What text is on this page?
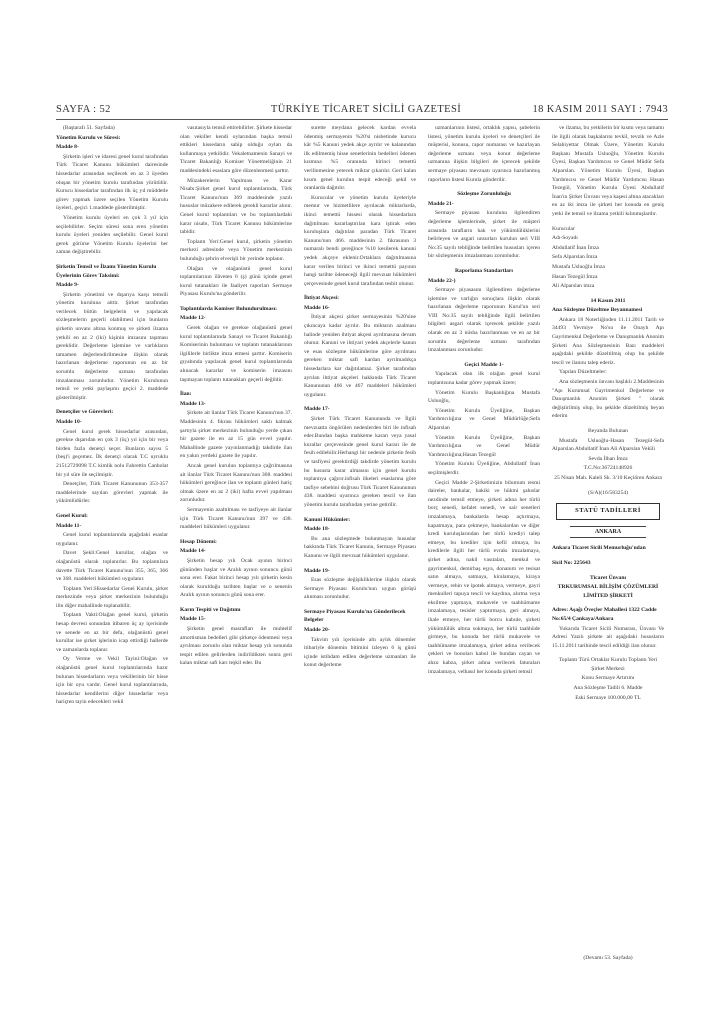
SAYFA : 52	TÜRKİYE TİCARET SİCİLİ GAZETESİ	18 KASIM 2011 SAYI : 7943

(Baştarafı 51. Sayfada)

Yönetim Kurulu ve Süresi:

Madde 8-

Şirketin işleri ve idaresi genel kurul tarafından Türk Ticaret Kanunu hükümleri dairesinde hissedarlar arasından seçilecek en az 3 üyeden oluşan bir yönetim kurulu tarafından yürütülür. Kurucu hissedarlar tarafından ilk üç yıl müddetle görev yapmak üzere seçilen Yönetim Kurulu üyeleri, geçici 1.maddede gösterilmiştir.

Yönetim kurulu üyeleri en çok 3 yıl için seçilebilirler. Seçim süresi sona eren yönetim kurulu üyeleri yeniden seçilebilir. Genel kurul gerek görürse Yönetim Kurulu üyelerini her zaman değiştirebilir.

Şirketin Temsil ve İlzamı Yönetim Kurulu Üyelerinin Görev Taksimi:

Madde 9-

Şirketin yönetimi ve dışarıya karşı temsili yönetim kuruluna aittir. Şirket tarafından verilecek bütün belgelerin ve yapılacak sözleşmelerin geçerli olabilmesi için bunların şirketin unvanı altına konmuş ve şirketi ilzama yetkili en az 2 (iki) kişinin imzasını taşıması gereklidir. Değerleme işlemine ve varlıkların tamamen değerlendirilmesine ilişkin olarak hazırlanan değerleme raporunun en az bir sorumlu değerleme uzmanı tarafından imzalanması zorunludur. Yönetim Kurulunun temsil ve yetki paylaşımı geçici 2. maddede gösterilmiştir.

Denetçiler ve Görevleri:

Madde 10-

Genel kurul gerek hissedarlar arasından, gerekse dışarıdan en çok 3 (üç) yıl için bir veya birden fazla denetçi seçer. Bunların sayısı 5 (beş)'i geçemez. İlk denetçi olarak T.C uyruklu 21512729098 T.C kimlik nolu Fahrettin Canbolat bir yıl süre ile seçilmiştir.

Denetçiler, Türk Ticaret Kanununun 353-357 maddelerinde sayılan görevleri yapmak ile yükümlüdürler.

Genel Kurul:

Madde 11-

Genel kurul toplantılarında aşağıdaki esaslar uygulanır.

Davet Şekli:Genel kurullar, olağan ve olağanüstü olarak toplanırlar. Bu toplantılara davette Türk Ticaret Kanunu'nun 355, 365, 366 ve 368. maddeleri hükümleri uygulanır.

Toplantı Yeri:Hissedarlar Genel Kurulu, şirket merkezinde veya şirket merkezinin bulunduğu ilin diğer mahallinde toplanabilir.

Toplantı Vakti:Olağan genel kurul, şirketin hesap devresi sonundan itibaren üç ay içerisinde ve senede en az bir defa, olağanüstü genel kurullar ise şirket işlerinin icap ettirdiği hallerde ve zamanlarda toplanır.

Oy Verme ve Vekil Tayini:Olağan ve olağanüstü genel kurul toplantılarında hazır bulunan hissedarların veya vekillerinin bir hisse için bir oyu vardır. Genel kurul toplantılarında, hissedarlar kendilerini diğer hissedarlar veya hariçten tayin edecekleri vekil

vasıtasıyla temsil ettirebilirler. Şirkete hissedar olan vekiller kendi oylarından başka temsil ettikleri hissedarın sahip olduğu oyları da kullanmaya yetkilidir. Vekaletnamenin Sanayi ve Ticaret Bakanlığı Komiser Yönetmeliğinin 21 maddesindeki esaslara göre düzenlenmesi şarttır.

Müzakerelerin Yapılması ve Karar Nisabı:Şirket genel kurul toplantılarında, Türk Ticaret Kanunu'nun 369 maddesinde yazılı hususlar müzakere edilerek gerekli kararlar alınır. Genel kurul toplantıları ve bu toplantılardaki karar nisabı, Türk Ticaret Kanunu hükümlerine tabidir.

Toplantı Yeri:Genel kurul, şirketin yönetim merkezi adresinde veya Yönetim merkezinin bulunduğu şehrin elverişli bir yerinde toplanır.

Olağan ve olağanüstü genel kurul toplantılarının ilâveten 6 (ş) günü içinde genel kurul tutanakları ile faaliyet raporları Sermaye Piyasası Kurulu'na gönderilir.

Toplantılarda Komiser Bulundurulması:

Madde 12-

Gerek olağan ve gerekse olağanüstü genel kurul toplantılarında Sanayi ve Ticaret Bakanlığı Komiserinin bulunması ve toplantı tutanaklarının ilgililerle birlikte imza etmesi şarttır. Komiserin gıyabında yapılacak genel kurul toplantılarında alınacak kararlar ve komiserin imzasını taşımayan toplantı tutanakları geçerli değildir.

İlan:

Madde 13-

Şirkete ait ilanlar Türk Ticaret Kanunu'nun 37. Maddesinin 4. fıkrası hükümleri saklı kalmak şartıyla şirket merkezinin bulunduğu yerde çıkan bir gazete ile en az 15 gün evvel yapılır. Mahallinde gazete yayınlanmadığı takdirde ilan en yakın yerdeki gazete ile yapılır.

Ancak genel kurulun toplantıya çağrılmasına ait ilanlar Türk Ticaret Kanunu'nun 368. maddesi hükümleri gereğince ilan ve toplantı günleri hariç olmak üzere en az 2 (iki) hafta evvel yapılması zorunludur.

Sermayenin azaltılması ve tasfiyeye ait ilanlar için Türk Ticaret Kanunu'nun 397 ve 438. maddeleri hükümleri uygulanır.

Hesap Dönemi:

Madde 14-

Şirketin hesap yılı Ocak ayının birinci gününden başlar ve Aralık ayının sonuncu günü sona erer. Fakat birinci hesap yılı şirketin kesin olarak kurulduğu tarihten başlar ve o senenin Aralık ayının sonuncu günü sona erer.

Karın Tespiti ve Dağıtımı

Madde 15-

Şirketin genel masrafları ile muhtelif amortisman bedelleri gibi şirketçe ödenmesi veya ayrılması zorunlu olan miktar hesap yılı sonunda tespit edilen gelirlerden indirildikten sonra geri kalan miktar safi karı teşkil eder. Bu

surette meydana gelecek kardan evvela ödenmiş sermayenin %20'si nisbetinde kurucu kâr %5 Kanuni yedek akçe ayrılır ve kalanından ilk edilmemiş hisse senetlerinin bedelleri ödenen kısmına %5 oranında birinci temettü verilinmesine yetecek miktar çıkarılır. Geri kalan kısım genel kurulun tespit edeceği şekil ve oranlarda dağıtılır.

Kurucular ve yönetim kurulu üyeleriyle memur ve hizmetlilere ayrılacak miktarlarda, ikinci temettü hissesi olarak hissedarlara dağıtılması kararlaştırılan kara iştirak eden kuruluşlara dağıtılan paradan Türk Ticaret Kanunu'nun 466. maddesinin 2. fıkrasının 3 numaralı bendi gereğince %10 kesilerek kanuni yedek akçeye eklenir.Ortaklara dağıtılmasına karar verilen birinci ve ikinci temettü payının hangi tarihte ödeneceği ilgili mevzuat hükümleri çerçevesinde genel kurul tarafından tesbit olunur.

İhtiyat Akçesi:

Madde 16-

İhtiyat akçesi şirket sermayesinin %20'sine çıkıncaya kadar ayrılır. Bu miktarın azalması halinde yeniden ihtiyat akçesi ayrılmasına devam olunur. Kanuni ve ihtiyari yedek akçelerle kanun ve esas sözleşme hükümlerine göre ayrılması gereken miktar safi kardan ayrılmadıkça hissedarlara kar dağıtılamaz. Şirket tarafından ayrılan ihtiyat akçeleri hakkında Türk Ticaret Kanununun 466 ve 467 maddeleri hükümleri uygulanır.

Madde 17-

Şirket Türk Ticaret Kanununda ve İlgili mevzuatta öngörülen nedenlerden biri ile infisah eder.Bundan başka mahkeme kararı veya yasal kurallar çerçevesinde genel kurul kararı ile de fesih edilebilir.Herhangi bir nedenle şirketin fesih ve tasfiyesi gerektirdiği takdirde yönetim kurulu bu hususta karar almasını için genel kurulu toplantıya çağırır.infisah ilkeleri esaslarına göre tasfiye sebebini doğrusu Türk Ticaret Kanununun 438. maddesi uyarınca gereken tescil ve ilan yönetim kurulu tarafından yerine getirilir.

Kanuni Hükümler:

Madde 18-

Bu ana sözleşmede bulunmayan hususlar hakkında Türk Ticaret Kanunu, Sermaye Piyasası Kanunu ve ilgili mevzuat hükümleri uygulanır.

Madde 19-

Esas sözleşme değişikliklerine ilişkin olarak Sermaye Piyasası Kurulu'nun uygun görüşü alınması zorunludur.

Sermaye Piyasası Kurulu'na Gönderilecek Belgeler

Madde 20-

Takvim yılı içerisinde altı aylık dönemler itibariyle dönemin bitimini izleyen 6 iş günü içinde istihdam edilen değerleme uzmanları ile konut değerleme

uzmanlarının listesi, ortaklık yapısı, şubelerin listesi, yönetim kurulu üyeleri ve denetçileri ile müşterisi, konusu, rapor numarası ve hazırlayan değerleme uzmanı veya konut değerleme uzmanına ilişkin bilgileri de içerecek şekilde sermaye piyasası mevzuatı uyarınca hazırlanmış raporların listesi Kurula gönderilir.

Sözleşme Zorunluluğu

Madde 21-

Sermaye piyasası kurulunu ilgilendiren değerleme işlemlerinde, şirket ile müşteri arasında tarafların hak ve yükümlülüklerini belirleyen ve asgari unsurları kurulun seri VIII No:35 sayılı tebliğinde belirtilen hususları içeren bir sözleşmenin imzalanması zorunludur.

Raporlama Standartları

Madde 22-)

Sermaye piyasasını ilgilendiren değerleme işlemine ve varlığın sonuçlara ilişkin olarak hazırlanan değerleme raporunun Kurul'un seri VIII No:35 sayılı tebliğinde ilgili belirtilen bilgileri asgari olarak içerecek şekilde yazılı olarak en az 3 nüsha hazırlanması ve en az bir sorumlu değerleme uzmanı tarafından imzalanması zorunludur.

Geçici Madde 1-

Yapılacak olan ilk olağan genel kurul toplantısına kadar görev yapmak üzere;

Yönetim Kurulu Başkanlığına Mustafa Usluoğlu,

Yönetim Kurulu Üyeliğine, Başkan Yardımcılığına ve Genel Müdürlüğe;Sefa Alparslan

Yönetim Kurulu Üyeliğine, Başkan Yardımcılığına ve Genel Müdür Yardımcılığına;Hasan Tezegül

Yönetim Kurulu Üyeliğine, Abdullatif İnan seçilmişlerdir.

Geçici Madde 2-Şirketimizin bilumum resmi daireler, bankalar, hakiki ve hükmi şahıslar nezdinde temsil etmeye, şirketi adına her türlü borç senedi, kefalet senedi, ve sair senetleri imzalamaya, bankalarda hesap açtırmaya, kapatmaya, para çekmeye, bankalardan ve diğer kredi kuruluşlarından her türlü krediyi talep etmeye, bu krediler için kefil olmaya, bu kredilerle ilgili her türlü evrakı imzalamaya, şirket adına, nakil vasıtaları, menkul ve gayrimenkul, demirbaş eşya, donanım ve tesisat satın almaya, satmaya, kiralamaya, kiraya vermeye, rehin ve ipotek almaya, vermeye, gayri menkulleri tapuya tescil ve kaydına, alırma veya eksiltme yapmaya, mukavele ve taahhütname imzalamaya, tesisler yaptırmaya, geri almaya, ihale etmeye, her türlü borcu kabule, şirketi yükümlülük altına sokmaya, her türlü taahhüde girmeye, bu konuda her türlü mukavele ve taahhütname imzalamaya, şirket adına verilecek çekleri ve bonoları kabul ile bundan cayan ve ahzu kabza, şirket adına verilecek faturaları imzalamaya, velhasıl her konuda şirketi temsil

ve ilzama, bu yetkilerin bir kısmı veya tamamı ile ilgili olarak başkalarını tevkil, tevzik ve Azle Selahiyettar Olmak Üzere, Yönetim Kurulu Başkanı Mustafa Usluoğlu, Yönetim Kurulu Üyesi, Başkan Yardımcısı ve Genel Müdür Sefa Alparslan. Yönetim Kurulu Üyesi, Başkan Yardımcısı ve Genel Müdür Yardımcısı Hasan Tezegül, Yönetim Kurulu Üyesi Abdullatif İnan'ın Şirket Ünvanı veya kaşesi altına atacakları en az iki imza ile şirketi her konuda en geniş yetki ile temsil ve ilzama yetkili kılınmışlardır.

Kurucular

Adı-Soyadı

Abdullatif İnan İmza

Sefa Alparslan İmza

Mustafa Usluoğlu İmza

Hasan Tezegül İmza

Ali Alparslan imza

14 Kasım 2011

Ana Sözleşme Düzeltme Beyannamesi

Ankara 18 Noterliğinden 11.11.2011 Tarih ve 34493 Yevmiye No'su ile Onaylı Apı Gayrimenkul Değerleme ve Danışmanlık Anonim Şirketi Ana Sözleşmesinin Bazı maddeleri aşağıdaki şekilde düzeltilmiş olup bu şekilde tescil ve ilanını talep ederiz.

Yapılan Düzeltmeler:

Ana sözleşmenin ünvanı başlıklı 2.Maddesinin "Apı Kurumsal Gayrimenkul Değerleme ve Danışmanlık Anonim Şirketi " olarak değiştirilmiş olup, bu şekilde düzeltilmiş beyan ederim

Beyanda Bulunan

Mustafa Usluoğlu-Hasan Tezegül-Sefa Alparslan Abdullatif İnan Ali Alparslan Vekili

Sevda İlhan İmza

T.C.No:36724148926

25 Nisan Mah. Kaleli Sk. 3/10 Keçiören Ankara

(S/A)(16/583254)

STATÜ TADİLLERİ
ANKARA

Ankara Ticaret Sicili Memurluğu'ndan

Sicil No: 225643

Ticaret Ünvanı

TRKURUMSAL BİLİŞİM ÇÖZÜMLERİ LİMİTED ŞİRKETİ

Adres: Aşağı Öveçler Mahallesi 1322 Cadde No:65/4 Çankaya/Ankara

Yukarıda Ticaret Sicili Numarası, Ünvanı Ve Adresi Yazılı şirkete ait aşağıdaki hususların 15.11.2011 tarihinde tescil edildiği ilan olunur.

Toplantı Türü Ortaklar Kurulu Toplantı Yeri Şirket Merkezi

Konu Sermaye Artırımı

Ana Sözleşme Tadili 6. Madde

Eski Sermaye 100.000,00 TL

(Devamı 53. Sayfada)
